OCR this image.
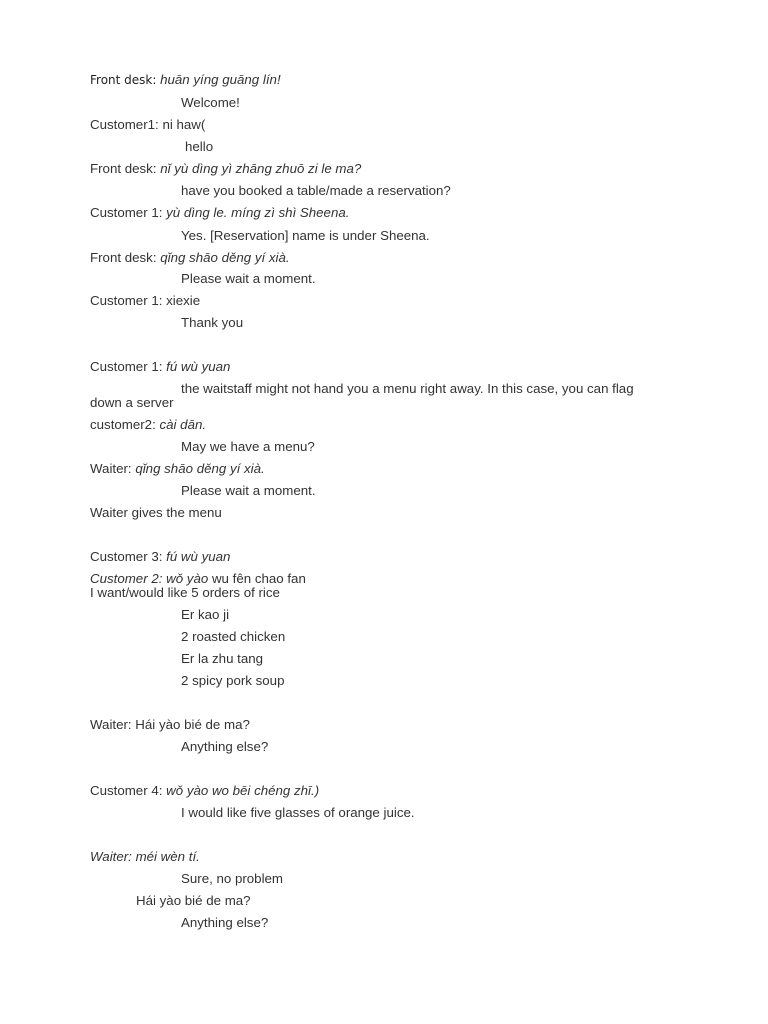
Front desk: huān yíng guāng lín!
Welcome!
Customer1: ni haw(
hello
Front desk: nǐ yù dìng yì zhāng zhuō zi le ma?
have you booked a table/made a reservation?
Customer 1: yù dìng le. míng zì shì Sheena.
Yes. [Reservation] name is under Sheena.
Front desk: qǐng shāo děng yí xià.
Please wait a moment.
Customer 1: xiexie
Thank you
Customer 1: fú wù yuan
the waitstaff might not hand you a menu right away. In this case, you can flag
down a server
customer2: cài dān.
May we have a menu?
Waiter: qǐng shāo děng yí xià.
Please wait a moment.
Waiter gives the menu
Customer 3: fú wù yuan
Customer 2: wǒ yào wu fên chao fan
I want/would like 5 orders of rice
Er kao ji
2 roasted chicken
Er la zhu tang
2 spicy pork soup
Waiter: Hái yào bié de ma?
Anything else?
Customer 4: wǒ yào wo bēi chéng zhī.)
I would like five glasses of orange juice.
Waiter: méi wèn tí.
Sure, no problem
Hái yào bié de ma?
Anything else?
